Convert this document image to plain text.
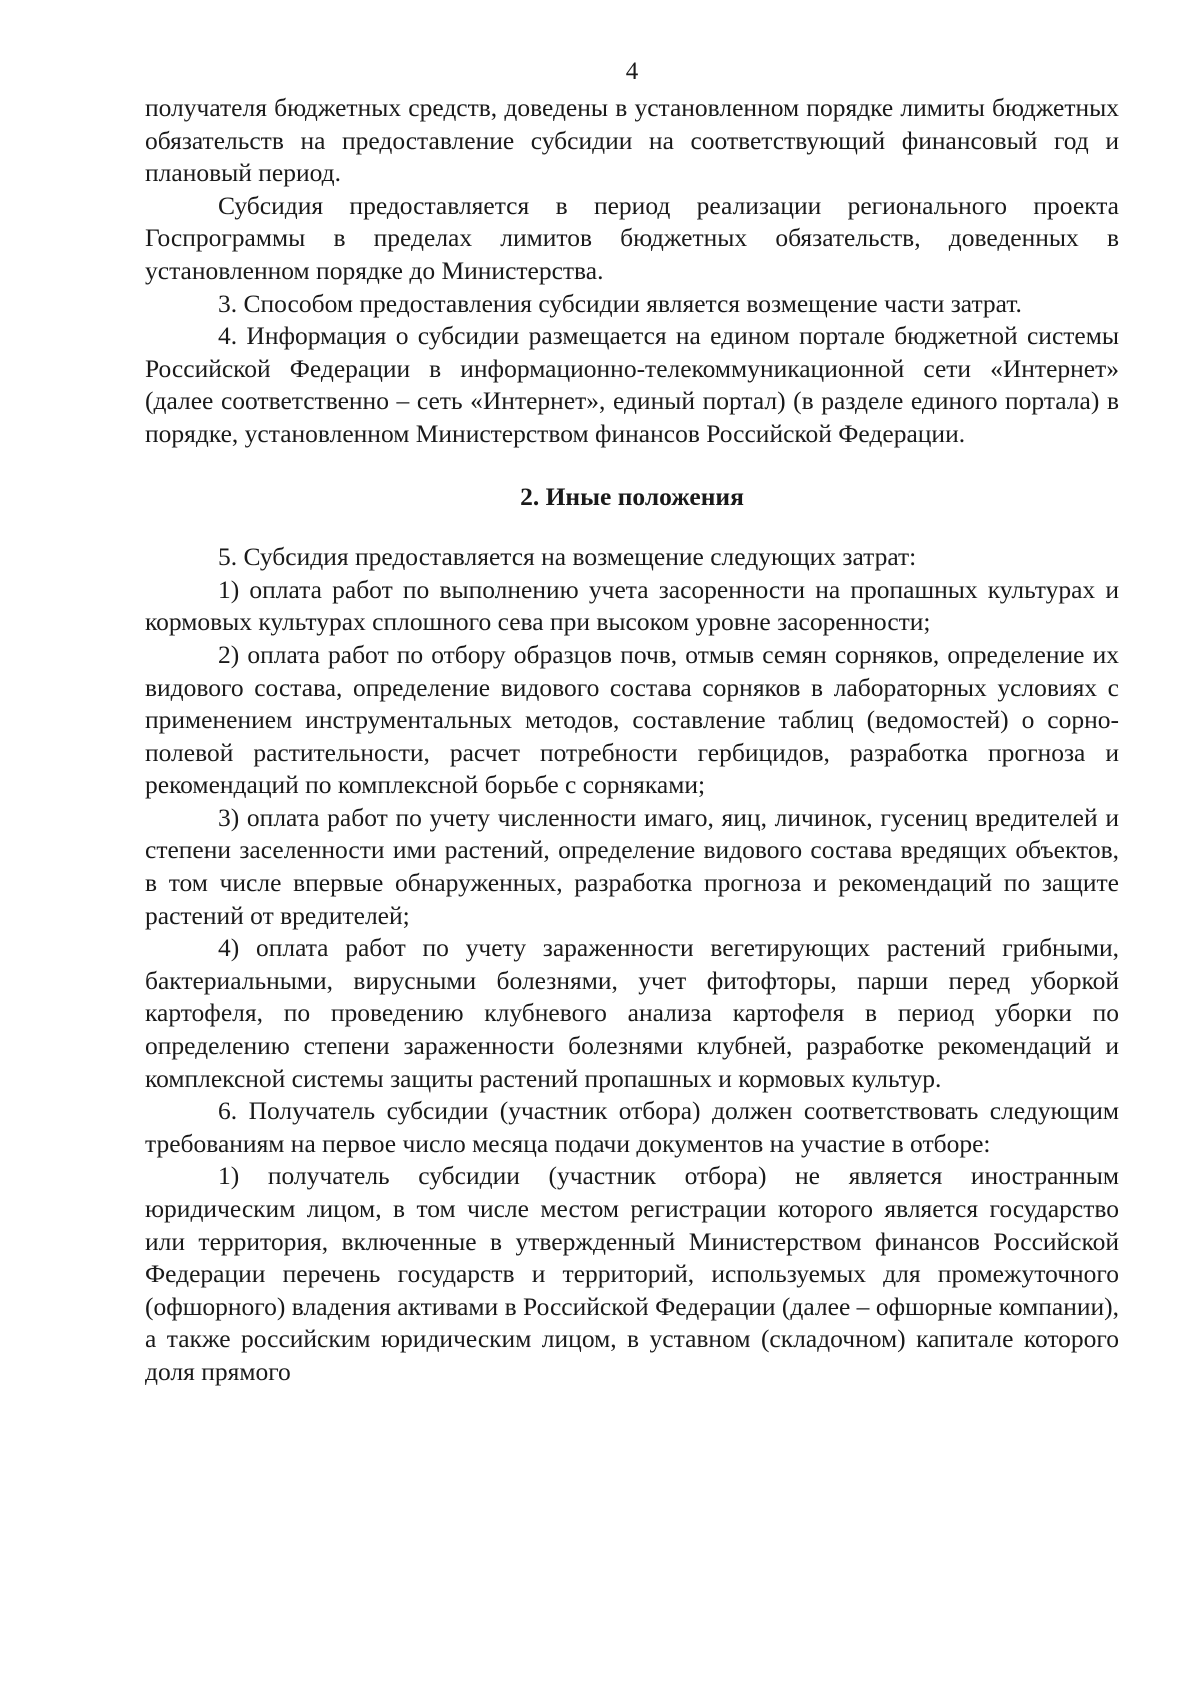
4

получателя бюджетных средств, доведены в установленном порядке лимиты бюджетных обязательств на предоставление субсидии на соответствующий финансовый год и плановый период.

Субсидия предоставляется в период реализации регионального проекта Госпрограммы в пределах лимитов бюджетных обязательств, доведенных в установленном порядке до Министерства.

3. Способом предоставления субсидии является возмещение части затрат.

4. Информация о субсидии размещается на едином портале бюджетной системы Российской Федерации в информационно-телекоммуникационной сети «Интернет» (далее соответственно – сеть «Интернет», единый портал) (в разделе единого портала) в порядке, установленном Министерством финансов Российской Федерации.

2. Иные положения

5. Субсидия предоставляется на возмещение следующих затрат:

1) оплата работ по выполнению учета засоренности на пропашных культурах и кормовых культурах сплошного сева при высоком уровне засоренности;

2) оплата работ по отбору образцов почв, отмыв семян сорняков, определение их видового состава, определение видового состава сорняков в лабораторных условиях с применением инструментальных методов, составление таблиц (ведомостей) о сорно-полевой растительности, расчет потребности гербицидов, разработка прогноза и рекомендаций по комплексной борьбе с сорняками;

3) оплата работ по учету численности имаго, яиц, личинок, гусениц вредителей и степени заселенности ими растений, определение видового состава вредящих объектов, в том числе впервые обнаруженных, разработка прогноза и рекомендаций по защите растений от вредителей;

4) оплата работ по учету зараженности вегетирующих растений грибными, бактериальными, вирусными болезнями, учет фитофторы, парши перед уборкой картофеля, по проведению клубневого анализа картофеля в период уборки по определению степени зараженности болезнями клубней, разработке рекомендаций и комплексной системы защиты растений пропашных и кормовых культур.

6. Получатель субсидии (участник отбора) должен соответствовать следующим требованиям на первое число месяца подачи документов на участие в отборе:

1) получатель субсидии (участник отбора) не является иностранным юридическим лицом, в том числе местом регистрации которого является государство или территория, включенные в утвержденный Министерством финансов Российской Федерации перечень государств и территорий, используемых для промежуточного (офшорного) владения активами в Российской Федерации (далее – офшорные компании), а также российским юридическим лицом, в уставном (складочном) капитале которого доля прямого
